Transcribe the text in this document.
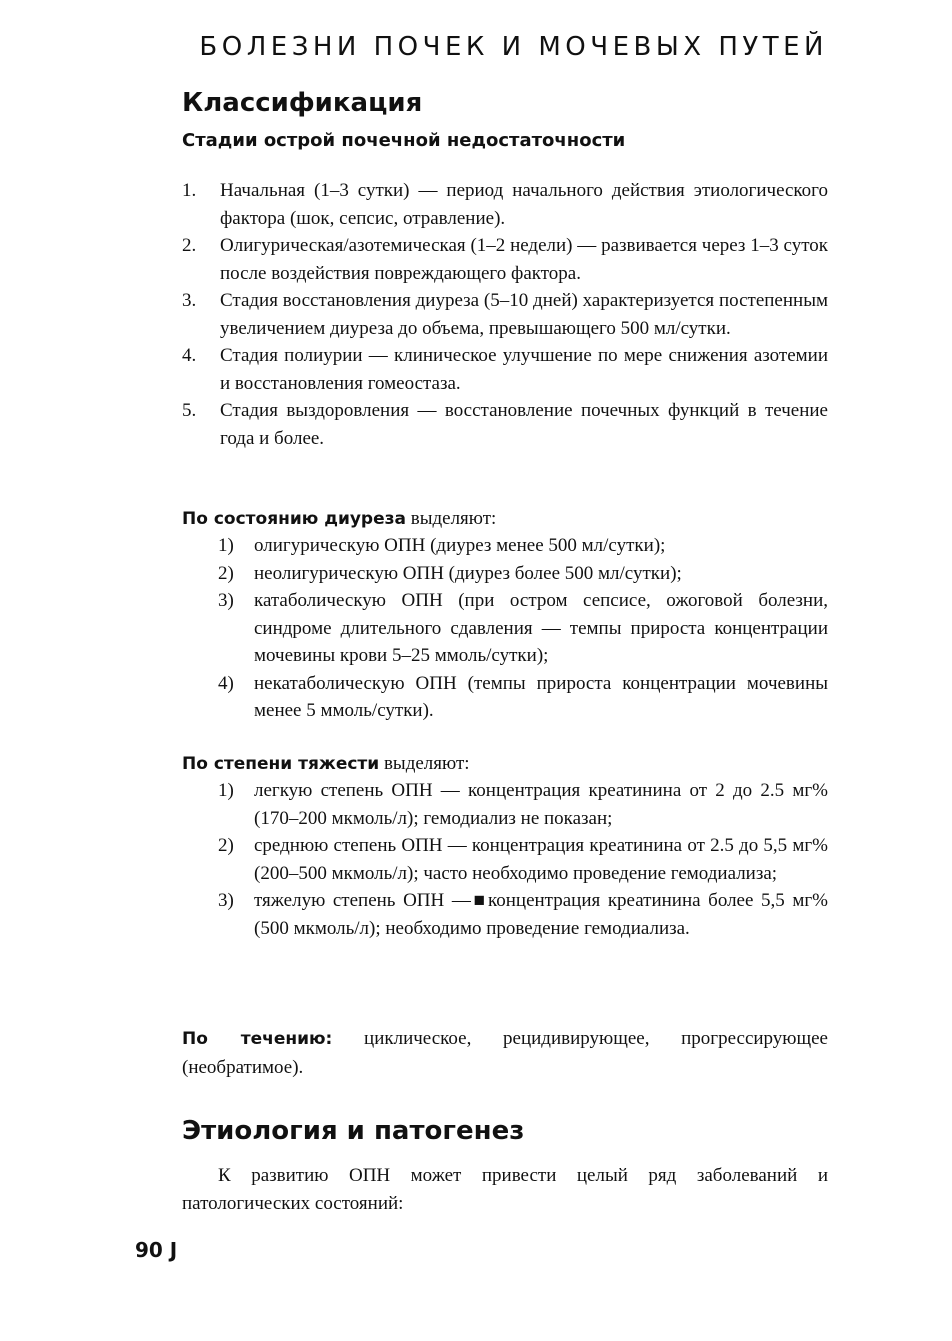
БОЛЕЗНИ ПОЧЕК И МОЧЕВЫХ ПУТЕЙ
Классификация
Стадии острой почечной недостаточности
1. Начальная (1–3 сутки) — период начального действия этиологического фактора (шок, сепсис, отравление).
2. Олигурическая/азотемическая (1–2 недели) — развивается через 1–3 суток после воздействия повреждающего фактора.
3. Стадия восстановления диуреза (5–10 дней) характеризуется постепенным увеличением диуреза до объема, превышающего 500 мл/сутки.
4. Стадия полиурии — клиническое улучшение по мере снижения азотемии и восстановления гомеостаза.
5. Стадия выздоровления — восстановление почечных функций в течение года и более.
По состоянию диуреза выделяют:
1) олигурическую ОПН (диурез менее 500 мл/сутки);
2) неолигурическую ОПН (диурез более 500 мл/сутки);
3) катаболическую ОПН (при остром сепсисе, ожоговой болезни, синдроме длительного сдавления — темпы прироста концентрации мочевины крови 5–25 ммоль/сутки);
4) некатаболическую ОПН (темпы прироста концентрации мочевины менее 5 ммоль/сутки).
По степени тяжести выделяют:
1) легкую степень ОПН — концентрация креатинина от 2 до 2.5 мг% (170–200 мкмоль/л); гемодиализ не показан;
2) среднюю степень ОПН — концентрация креатинина от 2.5 до 5,5 мг% (200–500 мкмоль/л); часто необходимо проведение гемодиализа;
3) тяжелую степень ОПН —■концентрация креатинина более 5,5 мг% (500 мкмоль/л); необходимо проведение гемодиализа.
По течению: циклическое, рецидивирующее, прогрессирующее (необратимое).
Этиология и патогенез
К развитию ОПН может привести целый ряд заболеваний и патологических состояний:
90 J
